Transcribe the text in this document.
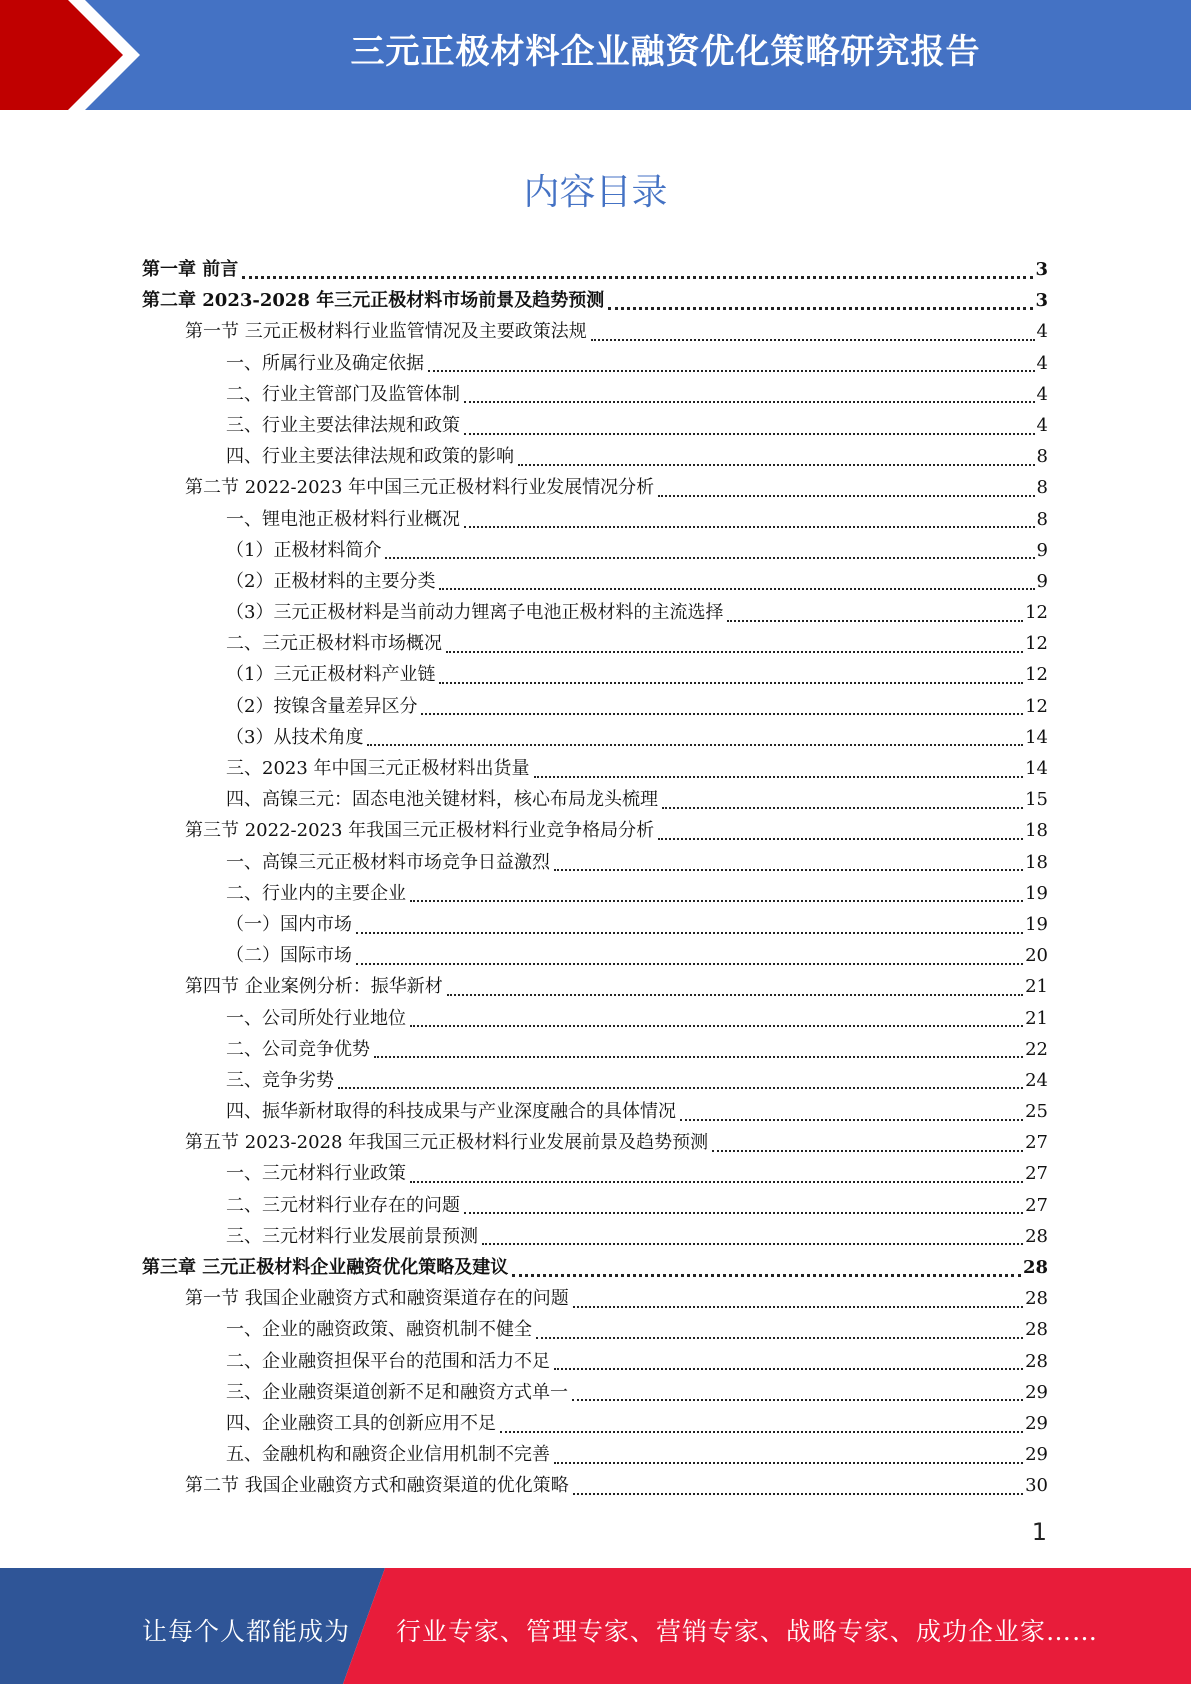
三元正极材料企业融资优化策略研究报告
内容目录
第一章 前言	3
第二章 2023-2028 年三元正极材料市场前景及趋势预测	3
第一节 三元正极材料行业监管情况及主要政策法规	4
一、所属行业及确定依据	4
二、行业主管部门及监管体制	4
三、行业主要法律法规和政策	4
四、行业主要法律法规和政策的影响	8
第二节 2022-2023 年中国三元正极材料行业发展情况分析	8
一、锂电池正极材料行业概况	8
（1）正极材料简介	9
（2）正极材料的主要分类	9
（3）三元正极材料是当前动力锂离子电池正极材料的主流选择	12
二、三元正极材料市场概况	12
（1）三元正极材料产业链	12
（2）按镍含量差异区分	12
（3）从技术角度	14
三、2023 年中国三元正极材料出货量	14
四、高镍三元：固态电池关键材料，核心布局龙头梳理	15
第三节 2022-2023 年我国三元正极材料行业竞争格局分析	18
一、高镍三元正极材料市场竞争日益激烈	18
二、行业内的主要企业	19
（一）国内市场	19
（二）国际市场	20
第四节 企业案例分析：振华新材	21
一、公司所处行业地位	21
二、公司竞争优势	22
三、竞争劣势	24
四、振华新材取得的科技成果与产业深度融合的具体情况	25
第五节 2023-2028 年我国三元正极材料行业发展前景及趋势预测	27
一、三元材料行业政策	27
二、三元材料行业存在的问题	27
三、三元材料行业发展前景预测	28
第三章 三元正极材料企业融资优化策略及建议	28
第一节 我国企业融资方式和融资渠道存在的问题	28
一、企业的融资政策、融资机制不健全	28
二、企业融资担保平台的范围和活力不足	28
三、企业融资渠道创新不足和融资方式单一	29
四、企业融资工具的创新应用不足	29
五、金融机构和融资企业信用机制不完善	29
第二节 我国企业融资方式和融资渠道的优化策略	30
1
让每个人都能成为 行业专家、管理专家、营销专家、战略专家、成功企业家……
